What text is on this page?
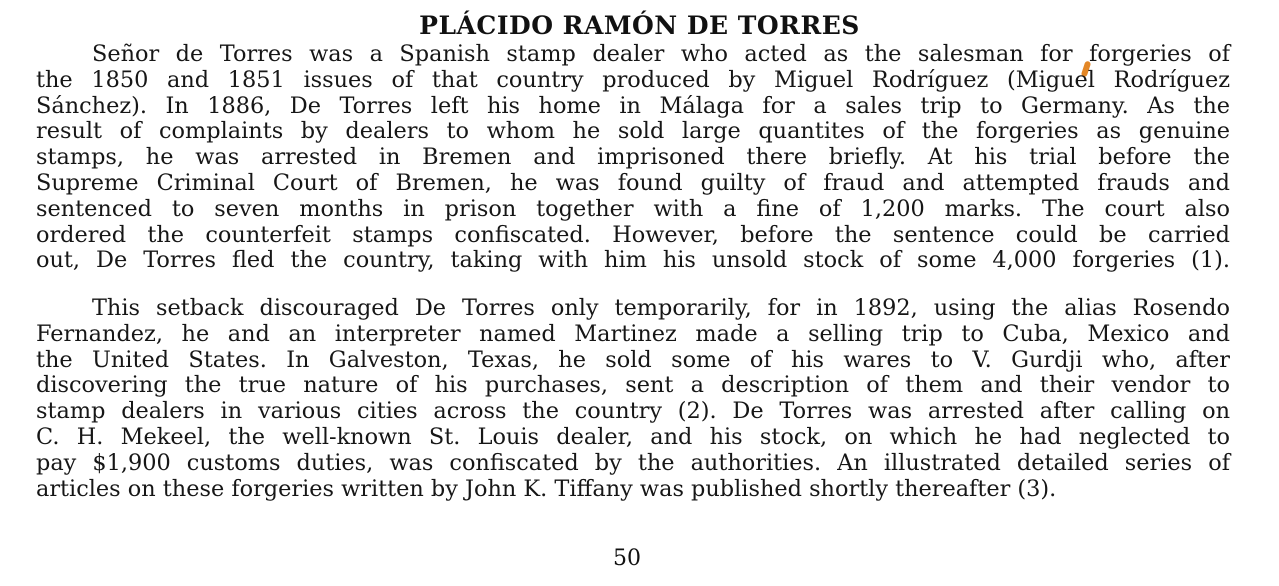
PLÁCIDO RAMÓN DE TORRES
Señor de Torres was a Spanish stamp dealer who acted as the salesman for forgeries of
the 1850 and 1851 issues of that country produced by Miguel Rodríguez (Miguel Rodríguez
Sánchez). In 1886, De Torres left his home in Málaga for a sales trip to Germany. As the
result of complaints by dealers to whom he sold large quantites of the forgeries as genuine
stamps, he was arrested in Bremen and imprisoned there briefly. At his trial before the
Supreme Criminal Court of Bremen, he was found guilty of fraud and attempted frauds and
sentenced to seven months in prison together with a fine of 1,200 marks. The court also
ordered the counterfeit stamps confiscated. However, before the sentence could be carried
out, De Torres fled the country, taking with him his unsold stock of some 4,000 forgeries (1).
This setback discouraged De Torres only temporarily, for in 1892, using the alias Rosendo
Fernandez, he and an interpreter named Martinez made a selling trip to Cuba, Mexico and
the United States. In Galveston, Texas, he sold some of his wares to V. Gurdji who, after
discovering the true nature of his purchases, sent a description of them and their vendor to
stamp dealers in various cities across the country (2). De Torres was arrested after calling on
C. H. Mekeel, the well-known St. Louis dealer, and his stock, on which he had neglected to
pay $1,900 customs duties, was confiscated by the authorities. An illustrated detailed series of
articles on these forgeries written by John K. Tiffany was published shortly thereafter (3).
50
